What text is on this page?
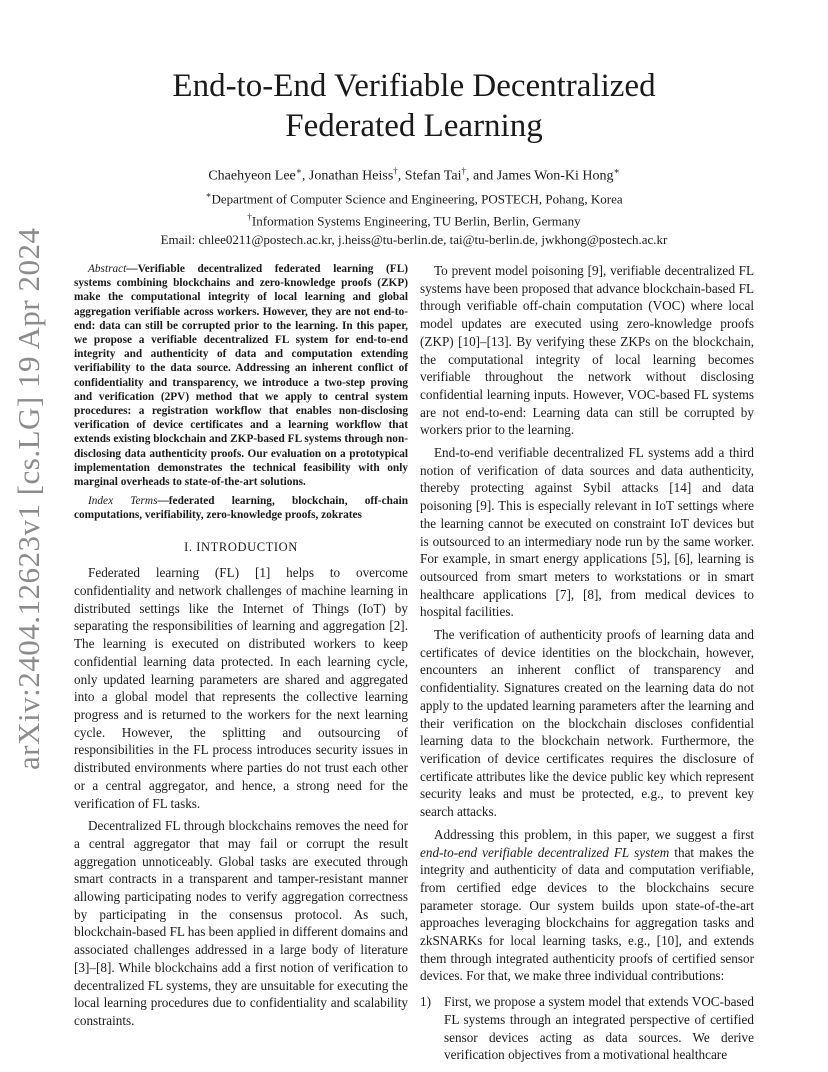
arXiv:2404.12623v1 [cs.LG] 19 Apr 2024
End-to-End Verifiable Decentralized
Federated Learning
Chaehyeon Lee∗, Jonathan Heiss†, Stefan Tai†, and James Won-Ki Hong∗
∗Department of Computer Science and Engineering, POSTECH, Pohang, Korea
†Information Systems Engineering, TU Berlin, Berlin, Germany
Email: chlee0211@postech.ac.kr, j.heiss@tu-berlin.de, tai@tu-berlin.de, jwkhong@postech.ac.kr

Abstract—Verifiable decentralized federated learning (FL) systems combining blockchains and zero-knowledge proofs (ZKP) make the computational integrity of local learning and global aggregation verifiable across workers. However, they are not end-to-end: data can still be corrupted prior to the learning. In this paper, we propose a verifiable decentralized FL system for end-to-end integrity and authenticity of data and computation extending verifiability to the data source. Addressing an inherent conflict of confidentiality and transparency, we introduce a two-step proving and verification (2PV) method that we apply to central system procedures: a registration workflow that enables non-disclosing verification of device certificates and a learning workflow that extends existing blockchain and ZKP-based FL systems through non-disclosing data authenticity proofs. Our evaluation on a prototypical implementation demonstrates the technical feasibility with only marginal overheads to state-of-the-art solutions.

Index Terms—federated learning, blockchain, off-chain computations, verifiability, zero-knowledge proofs, zokrates

I. INTRODUCTION

Federated learning (FL) [1] helps to overcome confidentiality and network challenges of machine learning in distributed settings like the Internet of Things (IoT) by separating the responsibilities of learning and aggregation [2]. The learning is executed on distributed workers to keep confidential learning data protected. In each learning cycle, only updated learning parameters are shared and aggregated into a global model that represents the collective learning progress and is returned to the workers for the next learning cycle. However, the splitting and outsourcing of responsibilities in the FL process introduces security issues in distributed environments where parties do not trust each other or a central aggregator, and hence, a strong need for the verification of FL tasks.

Decentralized FL through blockchains removes the need for a central aggregator that may fail or corrupt the result aggregation unnoticeably. Global tasks are executed through smart contracts in a transparent and tamper-resistant manner allowing participating nodes to verify aggregation correctness by participating in the consensus protocol. As such, blockchain-based FL has been applied in different domains and associated challenges addressed in a large body of literature [3]–[8]. While blockchains add a first notion of verification to decentralized FL systems, they are unsuitable for executing the local learning procedures due to confidentiality and scalability constraints.

To prevent model poisoning [9], verifiable decentralized FL systems have been proposed that advance blockchain-based FL through verifiable off-chain computation (VOC) where local model updates are executed using zero-knowledge proofs (ZKP) [10]–[13]. By verifying these ZKPs on the blockchain, the computational integrity of local learning becomes verifiable throughout the network without disclosing confidential learning inputs. However, VOC-based FL systems are not end-to-end: Learning data can still be corrupted by workers prior to the learning.

End-to-end verifiable decentralized FL systems add a third notion of verification of data sources and data authenticity, thereby protecting against Sybil attacks [14] and data poisoning [9]. This is especially relevant in IoT settings where the learning cannot be executed on constraint IoT devices but is outsourced to an intermediary node run by the same worker. For example, in smart energy applications [5], [6], learning is outsourced from smart meters to workstations or in smart healthcare applications [7], [8], from medical devices to hospital facilities.

The verification of authenticity proofs of learning data and certificates of device identities on the blockchain, however, encounters an inherent conflict of transparency and confidentiality. Signatures created on the learning data do not apply to the updated learning parameters after the learning and their verification on the blockchain discloses confidential learning data to the blockchain network. Furthermore, the verification of device certificates requires the disclosure of certificate attributes like the device public key which represent security leaks and must be protected, e.g., to prevent key search attacks.

Addressing this problem, in this paper, we suggest a first end-to-end verifiable decentralized FL system that makes the integrity and authenticity of data and computation verifiable, from certified edge devices to the blockchains secure parameter storage. Our system builds upon state-of-the-art approaches leveraging blockchains for aggregation tasks and zkSNARKs for local learning tasks, e.g., [10], and extends them through integrated authenticity proofs of certified sensor devices. For that, we make three individual contributions:

1) First, we propose a system model that extends VOC-based FL systems through an integrated perspective of certified sensor devices acting as data sources. We derive verification objectives from a motivational healthcare
